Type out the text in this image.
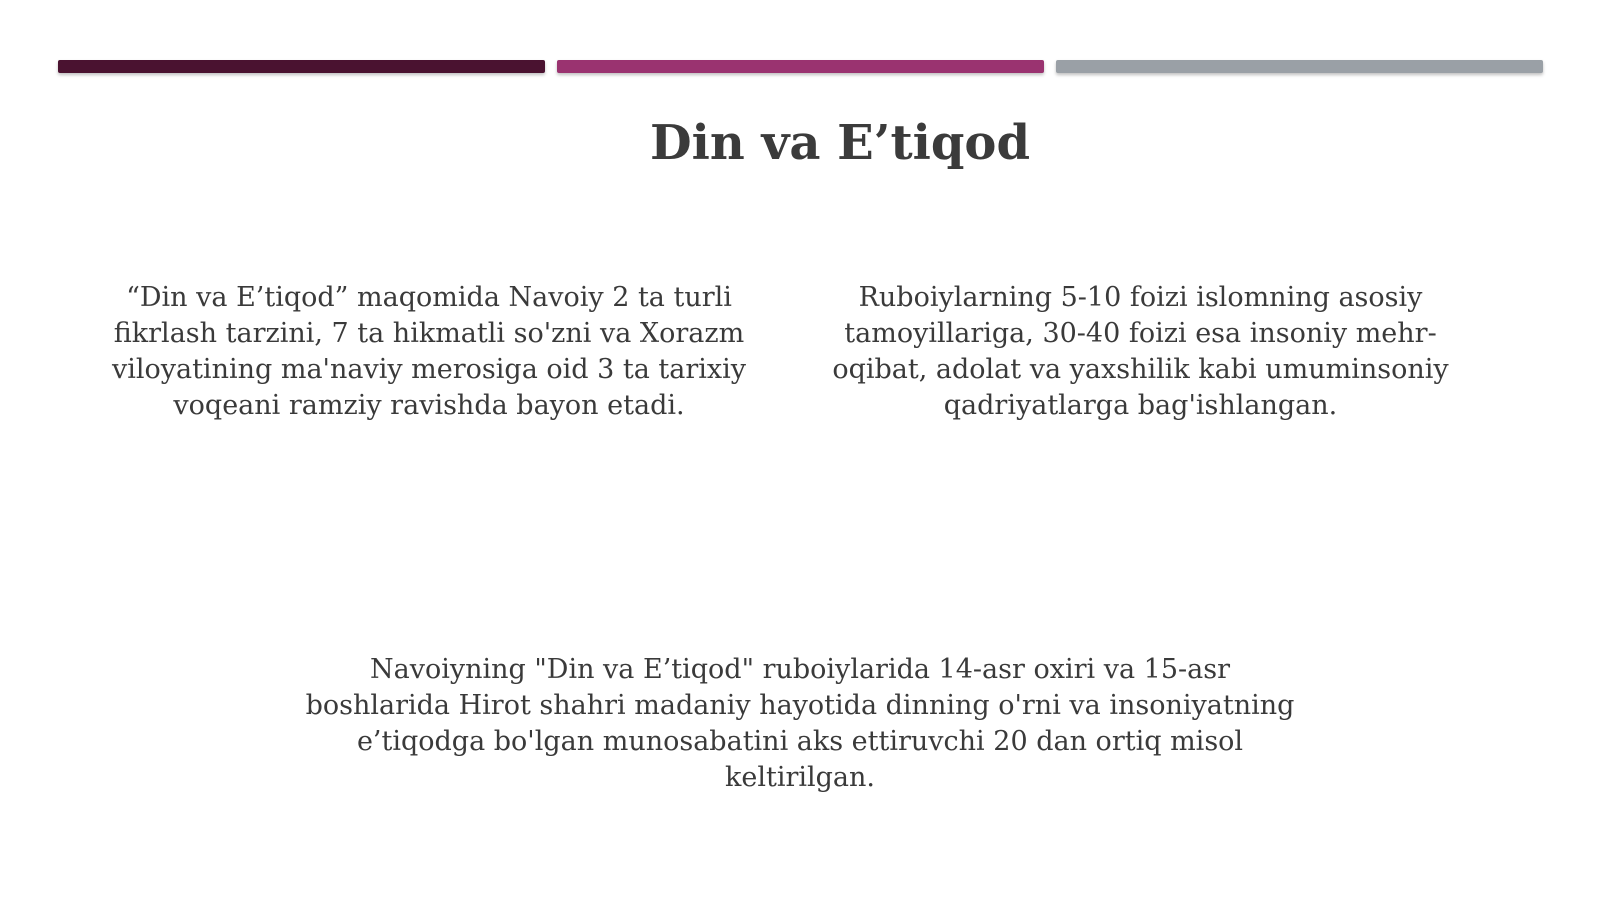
Din va E’tiqod

“Din va E’tiqod” maqomida Navoiy 2 ta turli fikrlash tarzini, 7 ta hikmatli so'zni va Xorazm viloyatining ma'naviy merosiga oid 3 ta tarixiy voqeani ramziy ravishda bayon etadi.

Ruboiylarning 5-10 foizi islomning asosiy tamoyillariga, 30-40 foizi esa insoniy mehr-oqibat, adolat va yaxshilik kabi umuminsoniy qadriyatlarga bag'ishlangan.

Navoiyning "Din va E’tiqod" ruboiylarida 14-asr oxiri va 15-asr boshlarida Hirot shahri madaniy hayotida dinning o'rni va insoniyatning e’tiqodga bo'lgan munosabatini aks ettiruvchi 20 dan ortiq misol keltirilgan.
